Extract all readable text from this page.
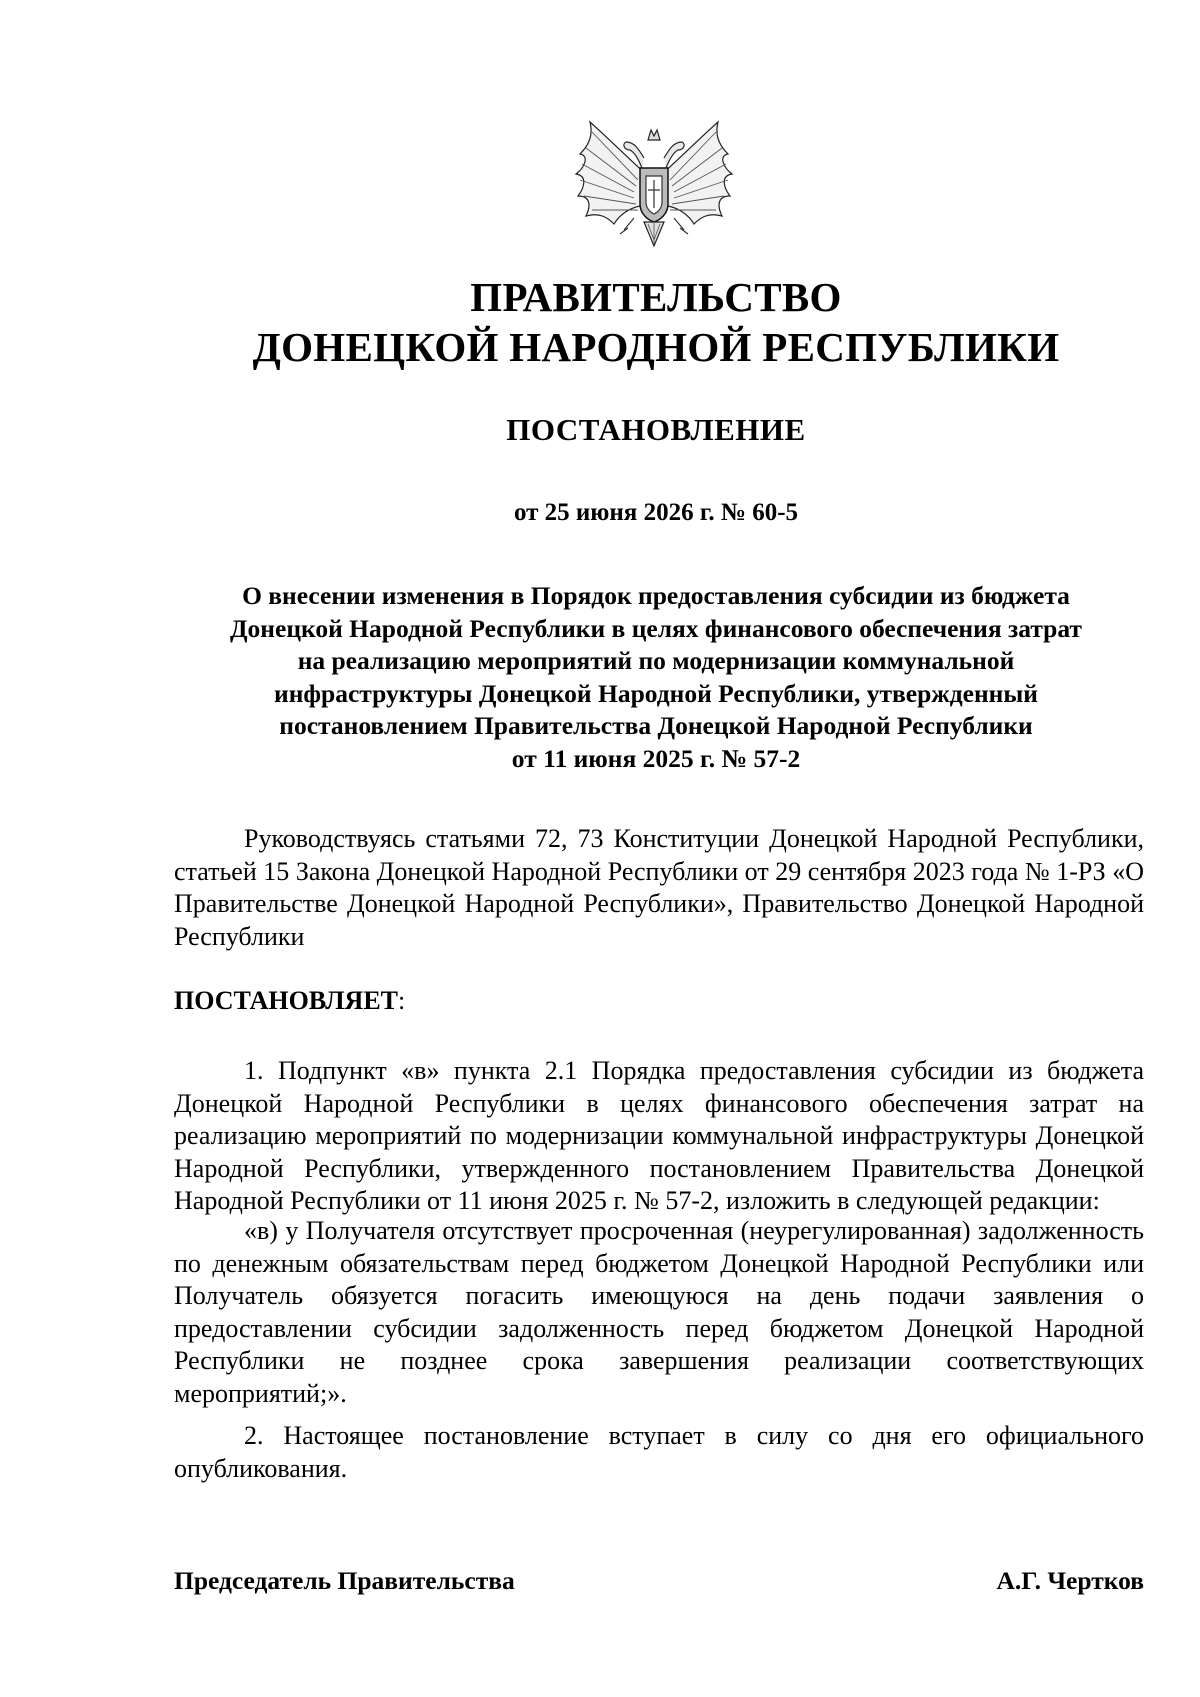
ПРАВИТЕЛЬСТВО
ДОНЕЦКОЙ НАРОДНОЙ РЕСПУБЛИКИ
ПОСТАНОВЛЕНИЕ
от 25 июня 2026 г. № 60-5
О внесении изменения в Порядок предоставления субсидии из бюджета
Донецкой Народной Республики в целях финансового обеспечения затрат
на реализацию мероприятий по модернизации коммунальной
инфраструктуры Донецкой Народной Республики, утвержденный
постановлением Правительства Донецкой Народной Республики
от 11 июня 2025 г. № 57-2

Руководствуясь статьями 72, 73 Конституции Донецкой Народной Республики, статьей 15 Закона Донецкой Народной Республики от 29 сентября 2023 года № 1-РЗ «О Правительстве Донецкой Народной Республики», Правительство Донецкой Народной Республики

ПОСТАНОВЛЯЕТ:

1. Подпункт «в» пункта 2.1 Порядка предоставления субсидии из бюджета Донецкой Народной Республики в целях финансового обеспечения затрат на реализацию мероприятий по модернизации коммунальной инфраструктуры Донецкой Народной Республики, утвержденного постановлением Правительства Донецкой Народной Республики от 11 июня 2025 г. № 57-2, изложить в следующей редакции:

«в) у Получателя отсутствует просроченная (неурегулированная) задолженность по денежным обязательствам перед бюджетом Донецкой Народной Республики или Получатель обязуется погасить имеющуюся на день подачи заявления о предоставлении субсидии задолженность перед бюджетом Донецкой Народной Республики не позднее срока завершения реализации соответствующих мероприятий;».

2. Настоящее постановление вступает в силу со дня его официального опубликования.

Председатель Правительства	А.Г. Чертков
